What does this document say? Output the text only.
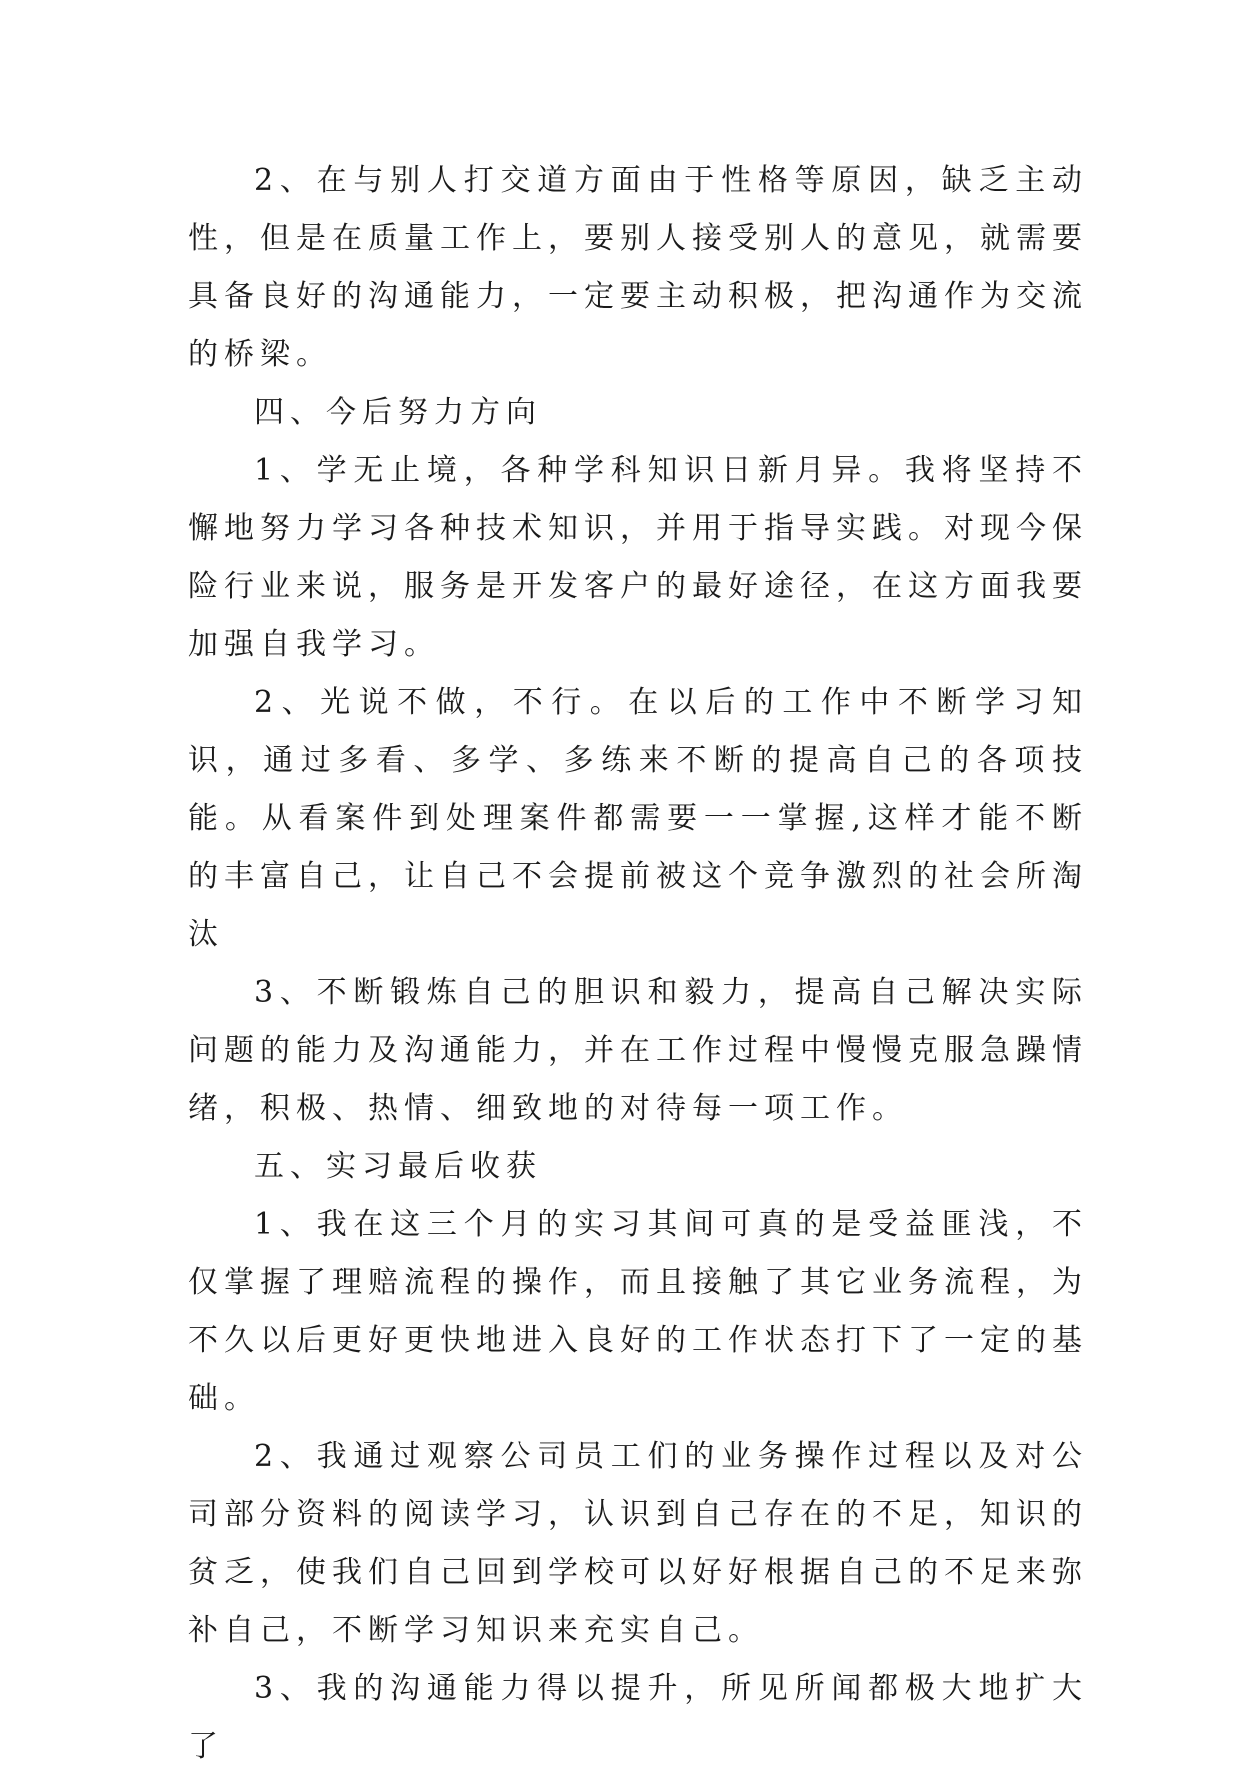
2、在与别人打交道方面由于性格等原因，缺乏主动性，但是在质量工作上，要别人接受别人的意见，就需要具备良好的沟通能力，一定要主动积极，把沟通作为交流的桥梁。

四、今后努力方向

1、学无止境，各种学科知识日新月异。我将坚持不懈地努力学习各种技术知识，并用于指导实践。对现今保险行业来说，服务是开发客户的最好途径，在这方面我要加强自我学习。

2、光说不做，不行。在以后的工作中不断学习知识，通过多看、多学、多练来不断的提高自己的各项技能。从看案件到处理案件都需要一一掌握,这样才能不断的丰富自己，让自己不会提前被这个竞争激烈的社会所淘汰

3、不断锻炼自己的胆识和毅力，提高自己解决实际问题的能力及沟通能力，并在工作过程中慢慢克服急躁情绪，积极、热情、细致地的对待每一项工作。

五、实习最后收获

1、我在这三个月的实习其间可真的是受益匪浅，不仅掌握了理赔流程的操作，而且接触了其它业务流程，为不久以后更好更快地进入良好的工作状态打下了一定的基础。

2、我通过观察公司员工们的业务操作过程以及对公司部分资料的阅读学习，认识到自己存在的不足，知识的贫乏，使我们自己回到学校可以好好根据自己的不足来弥补自己，不断学习知识来充实自己。

3、我的沟通能力得以提升，所见所闻都极大地扩大了
